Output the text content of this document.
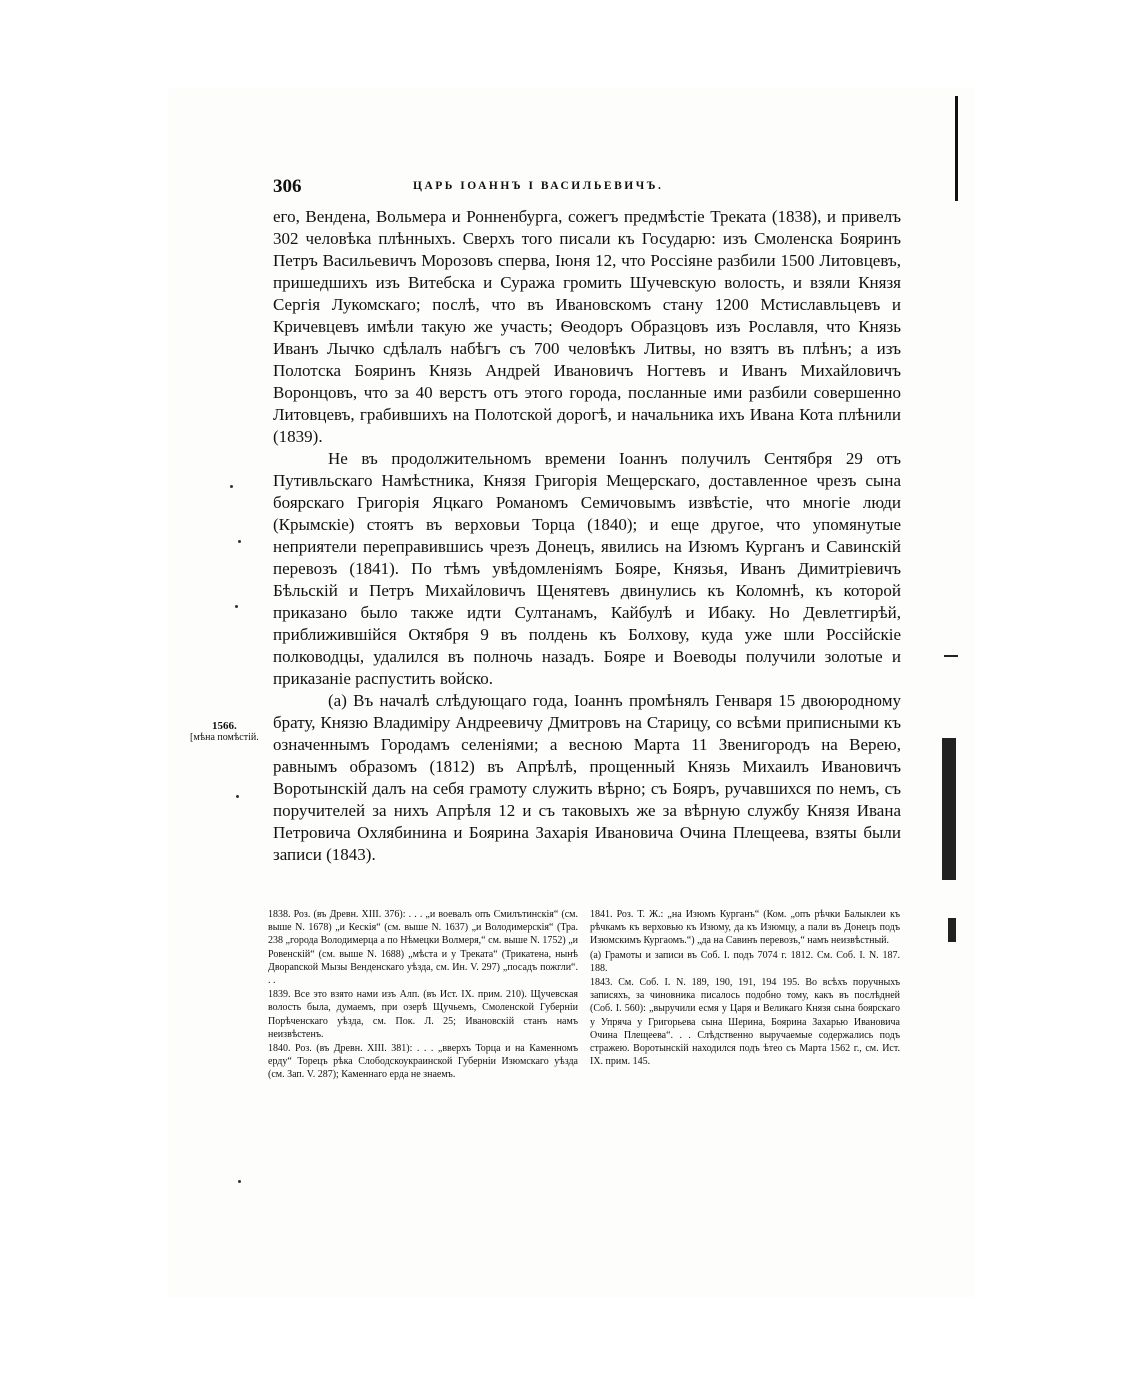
306	ЦАРЬ ІОАННЪ І ВАСИЛЬЕВИЧЪ.

его, Вендена, Вольмера и Ронненбурга, сожегъ предмѣстіе Треката (1838), и привелъ 302 человѣка плѣнныхъ. Сверхъ того писали къ Государю: изъ Смоленска Бояринъ Петръ Васильевичъ Морозовъ сперва, Іюня 12, что Россіяне разбили 1500 Литовцевъ, пришедшихъ изъ Витебска и Суража громить Шучевскую волость, и взяли Князя Сергія Лукомскаго; послѣ, что въ Ивановскомъ стану 1200 Мстиславльцевъ и Кричевцевъ имѣли такую же участь; Ѳеодоръ Образцовъ изъ Рославля, что Князь Иванъ Лычко сдѣлалъ набѣгъ съ 700 человѣкъ Литвы, но взятъ въ плѣнъ; а изъ Полотска Бояринъ Князь Андрей Ивановичъ Ногтевъ и Иванъ Михайловичъ Воронцовъ, что за 40 верстъ отъ этого города, посланные ими разбили совершенно Литовцевъ, грабившихъ на Полотской дорогѣ, и начальника ихъ Ивана Кота плѣнили (1839).

Не въ продолжительномъ времени Іоаннъ получилъ Сентября 29 отъ Путивльскаго Намѣстника, Князя Григорія Мещерскаго, доставленное чрезъ сына боярскаго Григорія Яцкаго Романомъ Семичовымъ извѣстіе, что многіе люди (Крымскіе) стоятъ въ верховьи Торца (1840); и еще другое, что упомянутые неприятели переправившись чрезъ Донецъ, явились на Изюмъ Курганъ и Савинскій перевозъ (1841). По тѣмъ увѣдомленіямъ Бояре, Князья, Иванъ Димитріевичъ Бѣльскій и Петръ Михайловичъ Щенятевъ двинулись къ Коломнѣ, къ которой приказано было также идти Султанамъ, Кайбулѣ и Ибаку. Но Девлетгирѣй, приближившійся Октября 9 въ полдень къ Болхову, куда уже шли Россійскіе полководцы, удалился въ полночь назадъ. Бояре и Воеводы получили золотые и приказаніе распустить войско.

(а) Въ началѣ слѣдующаго года, Іоаннъ промѣнялъ Генваря 15 двоюродному брату, Князю Владиміру Андреевичу Дмитровъ на Старицу, со всѣми приписными къ означеннымъ Городамъ селеніями; а весною Марта 11 Звенигородъ на Верею, равнымъ образомъ (1812) въ Апрѣлѣ, прощенный Князь Михаилъ Ивановичъ Воротынскій далъ на себя грамоту служить вѣрно; съ Бояръ, ручавшихся по немъ, съ поручителей за нихъ Апрѣля 12 и съ таковыхъ же за вѣрную службу Князя Ивана Петровича Охлябинина и Боярина Захарія Ивановича Очина Плещеева, взяты были записи (1843).

1566.
[мѣна помѣстій.

1838. Роз. (въ Древн. XIII. 376): . . . „и воевалъ опъ Смилътинскія“ (см. выше N. 1678) „и Кескія“ (см. выше N. 1637) „и Володимерскія“ (Тра. 238 „города Володимерца а по Нѣмецки Волмеря,“ см. выше N. 1752) „и Ровенскій“ (см. выше N. 1688) „мѣста и у Треката“ (Трикатена, нынѣ Двораnской Мызы Венденскаго уѣзда, см. Ин. V. 297) „посадъ пожгли“. . .

1839. Все это взято нами изъ Алп. (въ Ист. IX. прим. 210). Щучевская волость была, думаемъ, при озерѣ Щучьемъ, Смоленской Губерніи Порѣченскаго уѣзда, см. Пок. Л. 25; Ивановскій станъ намъ неизвѣстенъ.

1840. Роз. (въ Древн. XIII. 381): . . . „вверхъ Торца и на Каменномъ ерду“ Торецъ рѣка Слободскоукраинской Губерніи Изюмскаго уѣзда (см. Зап. V. 287); Каменнаго ерда не знаемъ.

1841. Роз. Т. Ж.: „на Изюмъ Курганъ“ (Ком. „опъ рѣчки Балыклеи къ рѣчкамъ къ верховью къ Изюму, да къ Изюмцу, а пали въ Донецъ подъ Изюмскимъ Кургаомъ.“) „да на Савинъ перевозъ,“ намъ неизвѣстный.

(а) Грамоты и записи въ Соб. I. подъ 7074 г. 1812. См. Соб. I. N. 187. 188.

1843. См. Соб. I. N. 189, 190, 191, 194 195. Во всѣхъ поручныхъ записяхъ, за чиновника писалось подобно тому, какъ въ послѣдней (Соб. I. 560): „выручили есмя у Царя и Великаго Князя сына боярскаго у Упряча у Григорьева сына Шерина, Боярина Захарью Ивановича Очина Плещеева“. . . Слѣдственно выручаемые содержались подъ стражею. Воротынскій находился подъ ѣтео съ Марта 1562 г., см. Ист. IX. прим. 145.
